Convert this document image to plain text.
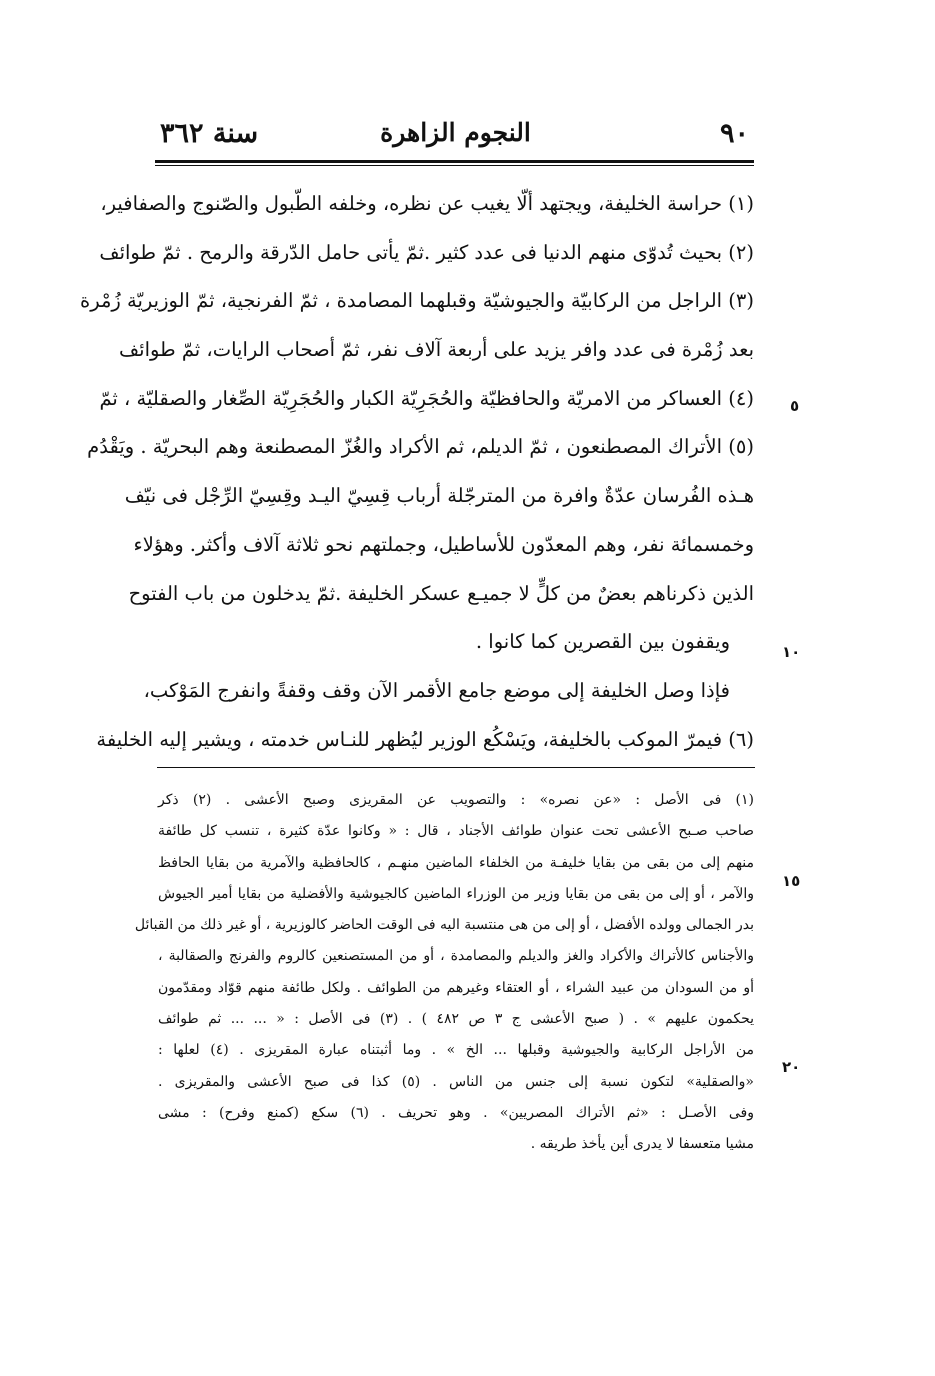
٩٠
النجوم الزاهرة
سنة ٣٦٢
(١) حراسة الخليفة، ويجتهد ألّا يغيب عن نظره، وخلفه الطّبول والصّنوج والصفافير،
(٢) بحيث تُدوّى منهم الدنيا فى عدد كثير .ثمّ يأتى حامل الدّرقة والرمح . ثمّ طوائف
(٣) الراجل من الركابيّة والجيوشيّة وقبلهما المصامدة ، ثمّ الفرنجية، ثمّ الوزيريّة زُمْرة
بعد زُمْرة فى عدد وافر يزيد على أربعة آلاف نفر، ثمّ أصحاب الرايات، ثمّ طوائف
(٤) العساكر من الامريّة والحافظيّة والحُجَرِيّة الكبار والحُجَرِيّة الصِّغار والصقليّة ، ثمّ
(٥) الأتراك المصطنعون ، ثمّ الديلم، ثم الأكراد والغُزّ المصطنعة وهم البحريّة . ويَقْدُم
هـذه الفُرسان عدّةٌ وافرة من المترجّلة أرباب قِسِيّ اليـد وقِسِيّ الرِّجْل فى نيّف
وخمسمائة نفر، وهم المعدّون للأساطيل، وجملتهم نحو ثلاثة آلاف وأكثر. وهؤلاء
الذين ذكرناهم بعضٌ من كلٍّ لا جميـع عسكر الخليفة .ثمّ يدخلون من باب الفتوح
ويقفون بين القصرين كما كانوا .
فإذا وصل الخليفة إلى موضع جامع الأقمر الآن وقف وقفةً وانفرج المَوْكب،
(٦) فيمرّ الموكب بالخليفة، ويَسْكُع الوزير ليُظهر للنـاس خدمته ، ويشير إليه الخليفة
٥
١٠
(١) فى الأصل : «عن نصره» : والتصويب عن المقريزى وصبح الأعشى . (٢) ذكر
صاحب صـبح الأعشى تحت عنوان طوائف الأجناد ، قال : « وكانوا عدّة كثيرة ، تنسب كل طائفة
منهم إلى من بقى من بقايا خليفـة من الخلفاء الماضين منهـم ، كالحافظية والآمرية من بقايا الحافظ
والآمر ، أو إلى من بقى من بقايا وزير من الوزراء الماضين كالجيوشية والأفضلية من بقايا أمير الجيوش
بدر الجمالى وولده الأفضل ، أو إلى من هى منتسبة اليه فى الوقت الحاضر كالوزيرية ، أو غير ذلك من القبائل
والأجناس كالأتراك والأكراد والغز والديلم والمصامدة ، أو من المستصنعين كالروم والفرنج والصقالبة ،
أو من السودان من عبيد الشراء ، أو العتقاء وغيرهم من الطوائف . ولكل طائفة منهم قوّاد ومقدّمون
يحكمون عليهم » . ( صبح الأعشى ج ٣ ص ٤٨٢ ) . (٣) فى الأصل : « ... ... ثم طوائف
من الأراجل الركابية والجيوشية وقبلها ... الخ » . وما أثبتناه عبارة المقريزى . (٤) لعلها :
«والصقلية» لتكون نسبة إلى جنس من الناس . (٥) كذا فى صبح الأعشى والمقريزى .
وفى الأصـل : «ثم الأتراك المصريين» . وهو تحريف . (٦) سكع (كمنع وفرح) : مشى
مشيا متعسفا لا يدرى أين يأخذ طريقه .
١٥
٢٠
